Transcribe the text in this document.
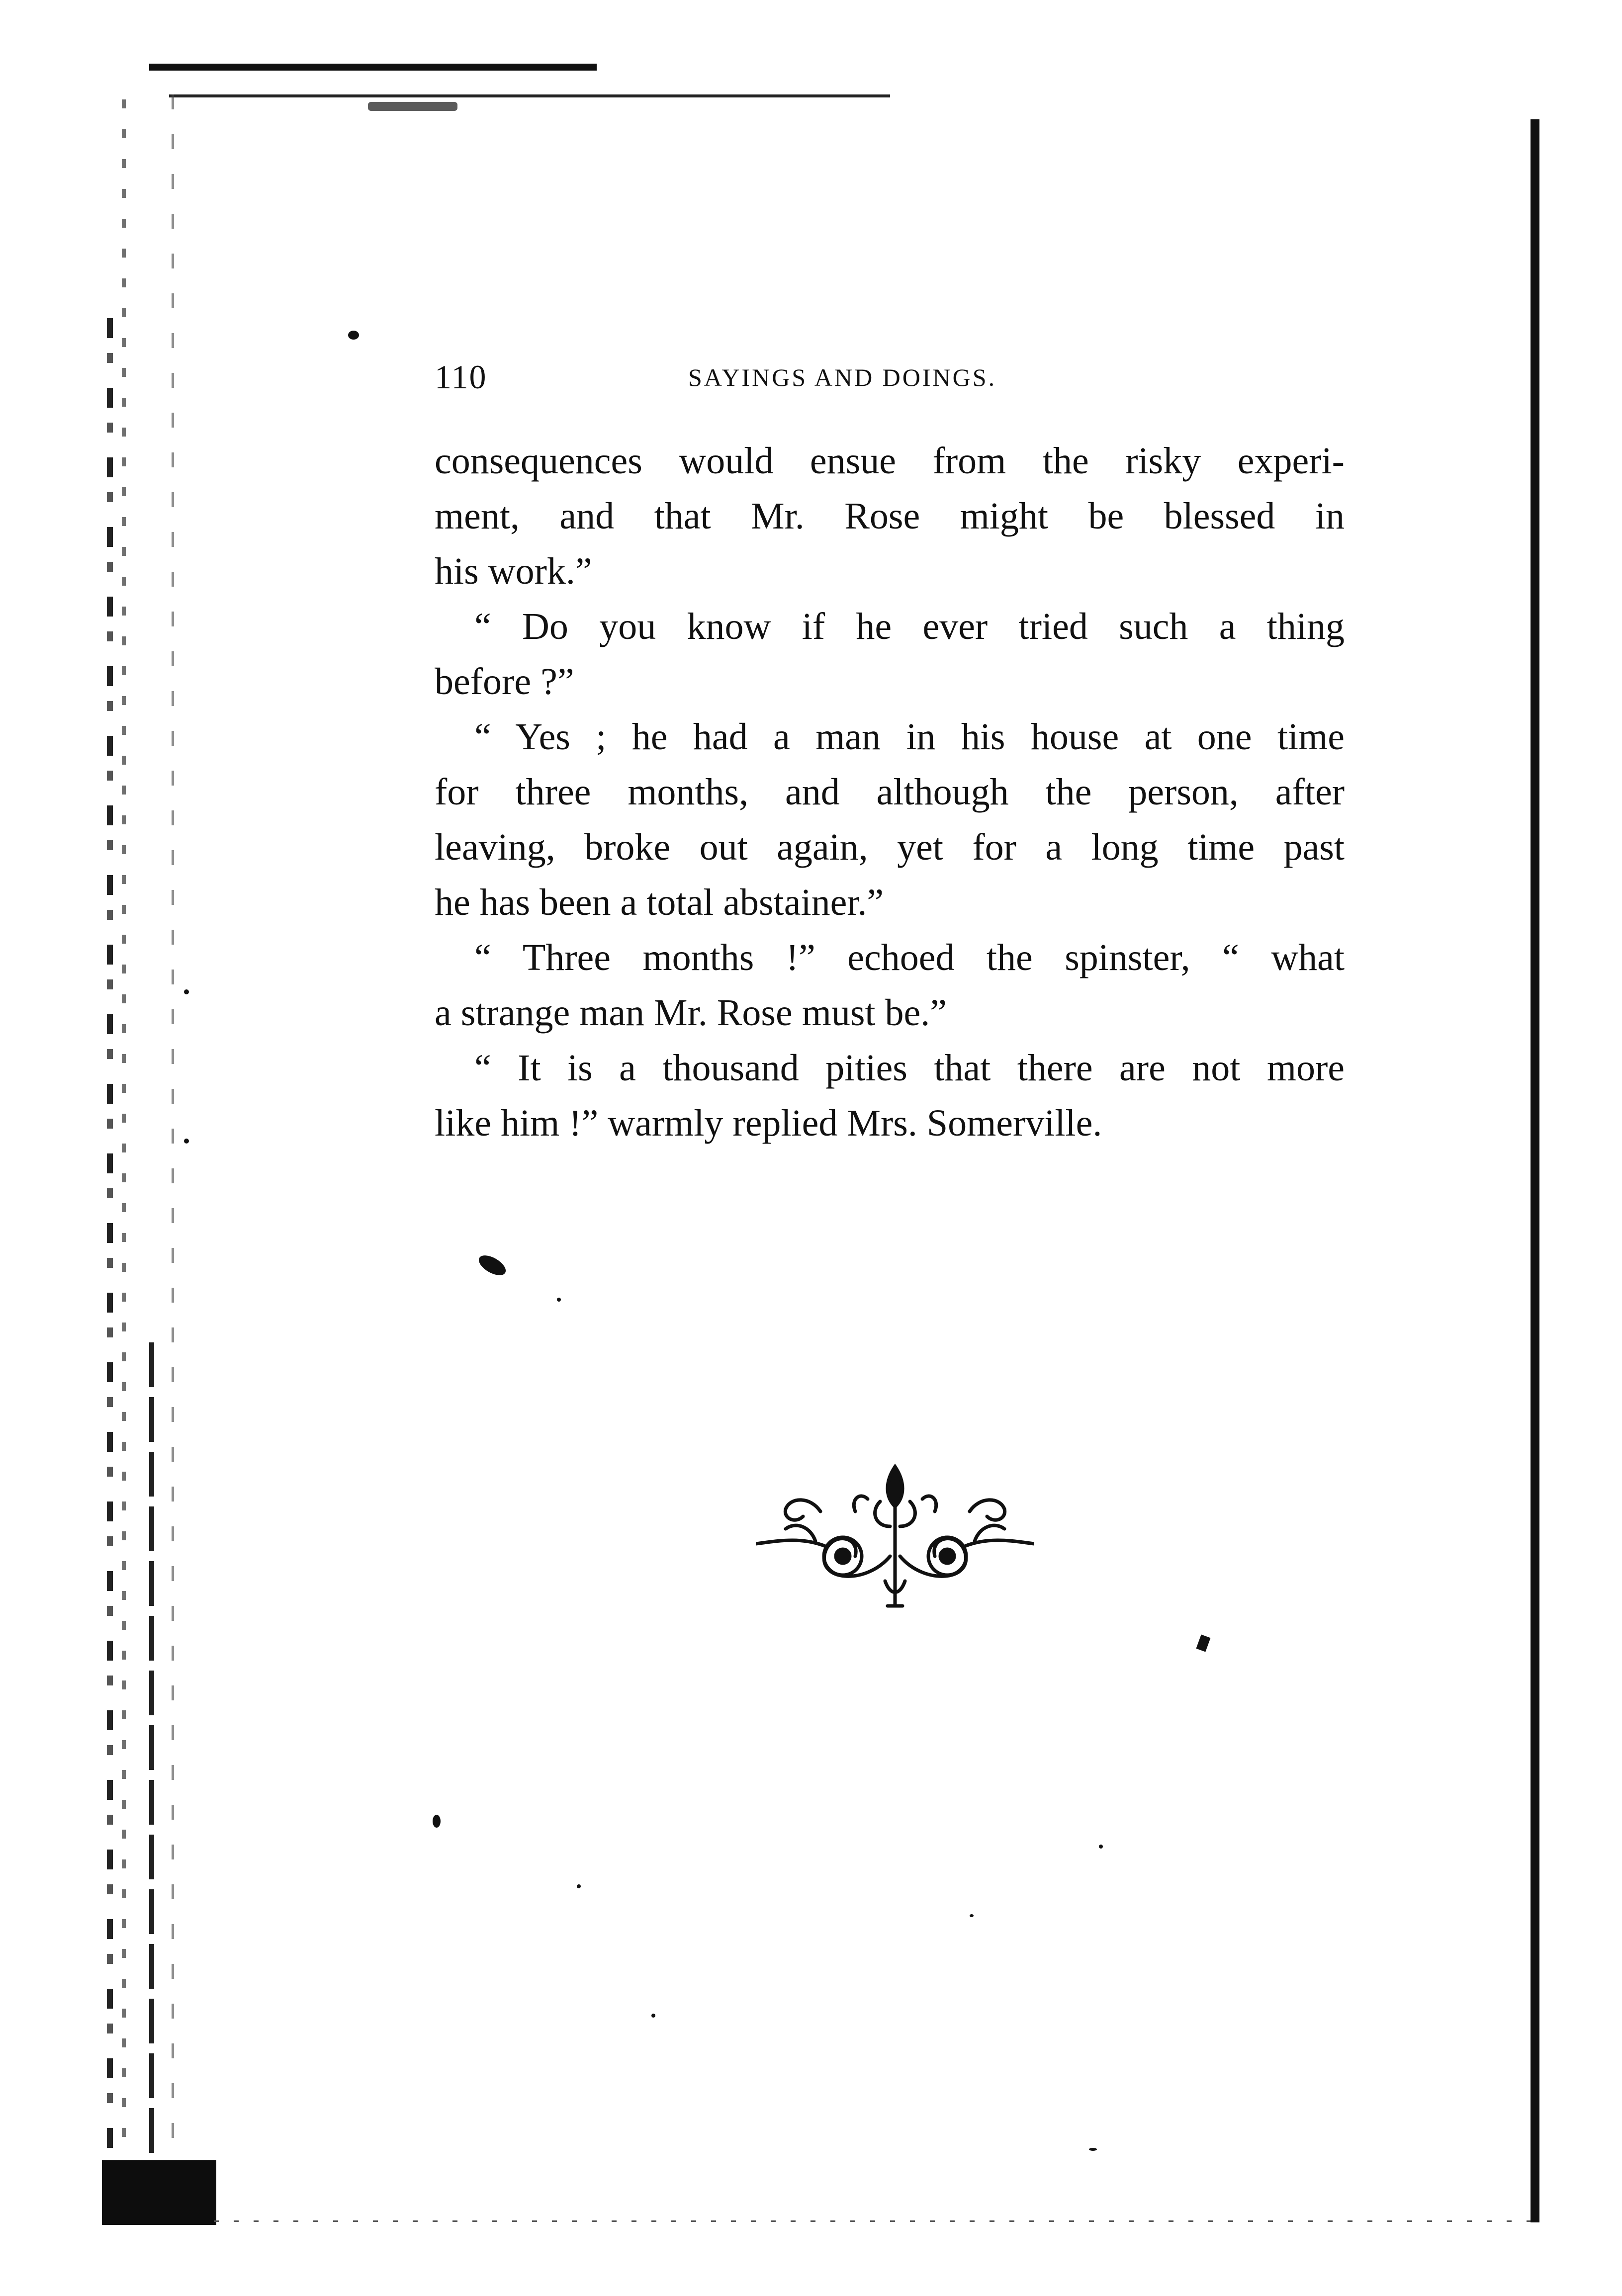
110	SAYINGS AND DOINGS.
consequences would ensue from the risky experi-
ment, and that Mr. Rose might be blessed in
his work.”
“ Do you know if he ever tried such a thing
before ?”
“ Yes ; he had a man in his house at one time
for three months, and although the person, after
leaving, broke out again, yet for a long time past
he has been a total abstainer.”
“ Three months !” echoed the spinster, “ what
a strange man Mr. Rose must be.”
“ It is a thousand pities that there are not more
like him !” warmly replied Mrs. Somerville.
